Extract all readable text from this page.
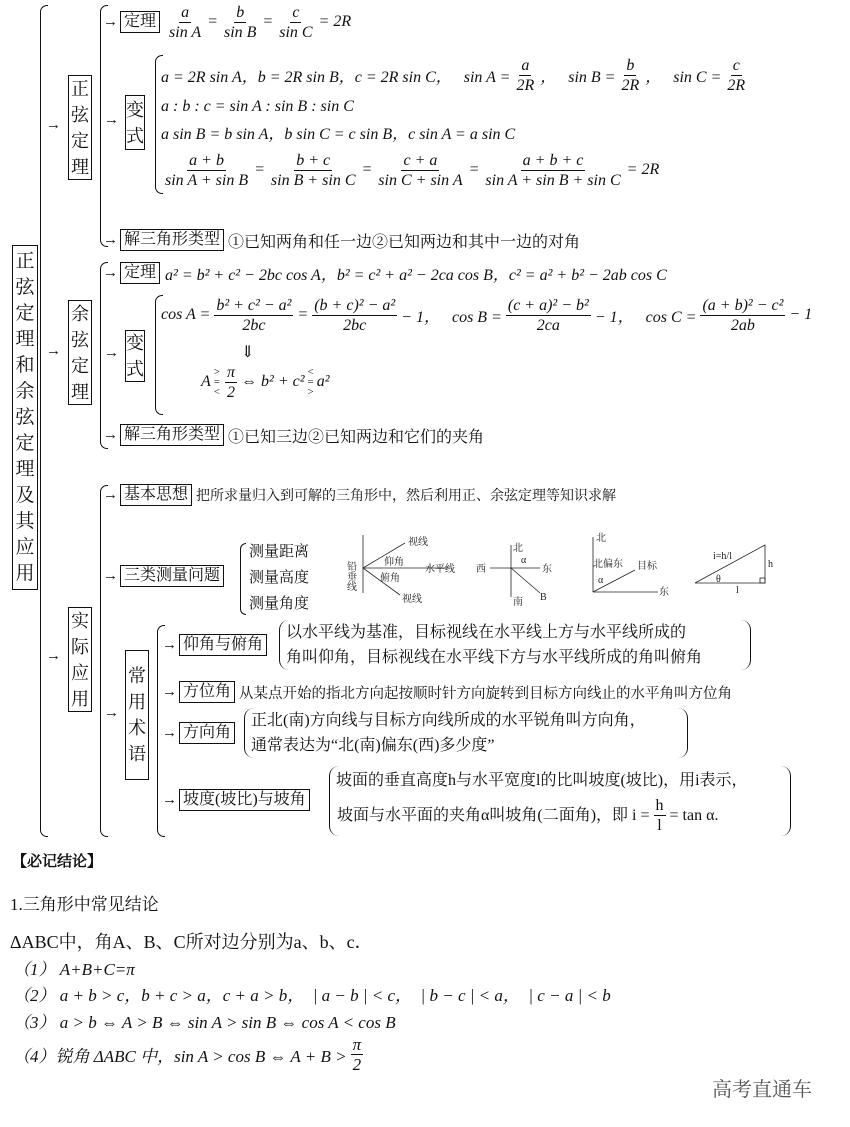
正弦定理和余弦定理及其应用
→
→
→
正弦定理
→ 定理 $\frac{a}{\text{sin A}} = \frac{b}{\text{sin B}} = \frac{c}{\text{sin C}} = 2R$
→
变式
a = 2R sin A，b = 2R sin B，c = 2R sin C，   $\sin A = \frac{a}{2R}$ ，   $\sin B = \frac{b}{2R}$ ，   $\sin C = \frac{c}{2R}$
a : b : c = sin A : sin B : sin C
a sin B = b sin A，b sin C = c sin B，c sin A = a sin C
$\frac{a + b}{\text{sin A + sin B}} = \frac{b + c}{\text{sin B + sin C}} = \frac{c + a}{\text{sin C + sin A}} = \frac{a + b + c}{\text{sin A + sin B + sin C}} = 2R$
→ 解三角形类型 ①已知两角和任一边②已知两边和其中一边的对角
余弦定理
→ 定理 a² = b² + c² − 2bc cos A，b² = c² + a² − 2ca cos B，c² = a² + b² − 2ab cos C
→ 变式
$\cos A = \frac{\text{b² + c² − a²}}{2bc} = \frac{\text{(b + c)² − a²}}{2bc} - 1$，   $\cos B = \frac{\text{(c + a)² − b²}}{2ca} - 1$，   $\cos C = \frac{\text{(a + b)² − c²}}{2ab} - 1$
⇓
A
>
=
< $\frac{\pi}{2}$ ⇔ b² + c²
<
=
>
a²
→ 解三角形类型 ①已知三边②已知两边和它们的夹角
实际应用
→ 基本思想 把所求量归入到可解的三角形中，然后利用正、余弦定理等知识求解
→ 三类测量问题
测量距离
测量高度
测量角度
铅垂线
视线
仰角
水平线
俯角
视线
西
北
α
东
南 B
北
北偏东 目标
α
东
i=h/l
h
θ
l
→
常用术语
→ 仰角与俯角
以水平线为基准，目标视线在水平线上方与水平线所成的
角叫仰角，目标视线在水平线下方与水平线所成的角叫俯角
→ 方位角 从某点开始的指北方向起按顺时针方向旋转到目标方向线止的水平角叫方位角
→ 方向角
正北(南)方向线与目标方向线所成的水平锐角叫方向角，
通常表达为“北(南)偏东(西)多少度”
→ 坡度(坡比)与坡角
坡面的垂直高度h与水平宽度l的比叫坡度(坡比)，用i表示，
坡面与水平面的夹角α叫坡角(二面角)，即 $i = \frac{h}{l} = \tan \alpha$.
【必记结论】
1.三角形中常见结论
ΔABC中，角A、B、C所对边分别为a、b、c．
（1） A+B+C=π
（2） a + b > c，b + c > a，c + a > b，  | a − b | < c，  | b − c | < a，  | c − a | < b
（3） a > b ⇔ A > B ⇔ sin A > sin B ⇔ cos A < cos B
（4）锐角 ΔABC 中，sin A > cos B ⇔ $A + B > \frac{\pi}{2}$
高考直通车
